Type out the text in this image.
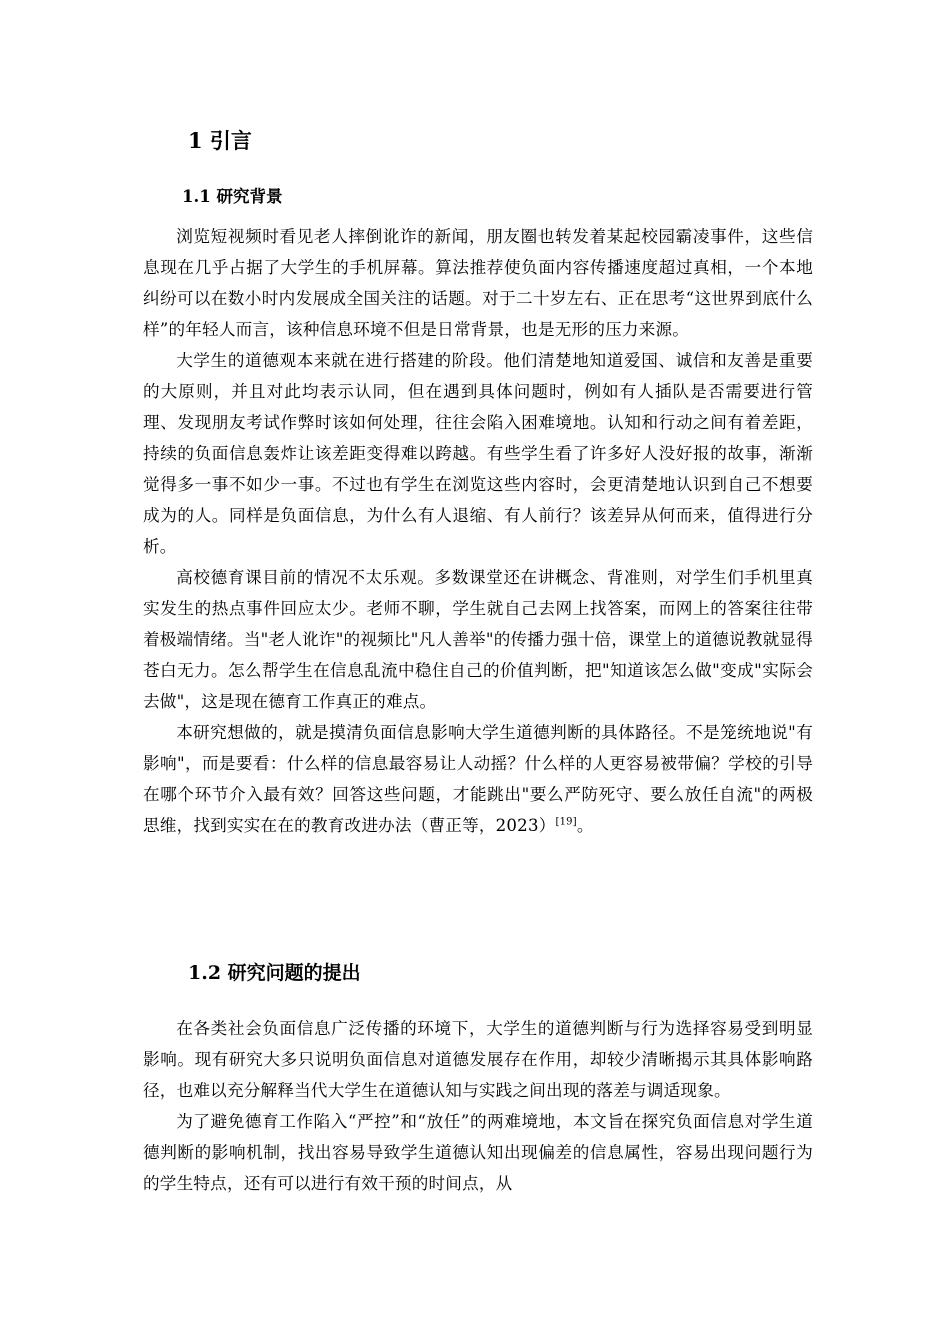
1 引言
1.1 研究背景

浏览短视频时看见老人摔倒讹诈的新闻，朋友圈也转发着某起校园霸凌事件，这些信息现在几乎占据了大学生的手机屏幕。算法推荐使负面内容传播速度超过真相，一个本地纠纷可以在数小时内发展成全国关注的话题。对于二十岁左右、正在思考“这世界到底什么样”的年轻人而言，该种信息环境不但是日常背景，也是无形的压力来源。

大学生的道德观本来就在进行搭建的阶段。他们清楚地知道爱国、诚信和友善是重要的大原则，并且对此均表示认同，但在遇到具体问题时，例如有人插队是否需要进行管理、发现朋友考试作弊时该如何处理，往往会陷入困难境地。认知和行动之间有着差距，持续的负面信息轰炸让该差距变得难以跨越。有些学生看了许多好人没好报的故事，渐渐觉得多一事不如少一事。不过也有学生在浏览这些内容时，会更清楚地认识到自己不想要成为的人。同样是负面信息，为什么有人退缩、有人前行？该差异从何而来，值得进行分析。

高校德育课目前的情况不太乐观。多数课堂还在讲概念、背准则，对学生们手机里真实发生的热点事件回应太少。老师不聊，学生就自己去网上找答案，而网上的答案往往带着极端情绪。当"老人讹诈"的视频比"凡人善举"的传播力强十倍，课堂上的道德说教就显得苍白无力。怎么帮学生在信息乱流中稳住自己的价值判断，把"知道该怎么做"变成"实际会去做"，这是现在德育工作真正的难点。

本研究想做的，就是摸清负面信息影响大学生道德判断的具体路径。不是笼统地说"有影响"，而是要看：什么样的信息最容易让人动摇？什么样的人更容易被带偏？学校的引导在哪个环节介入最有效？回答这些问题，才能跳出"要么严防死守、要么放任自流"的两极思维，找到实实在在的教育改进办法（曹正等，2023）[19]。

1.2 研究问题的提出

在各类社会负面信息广泛传播的环境下，大学生的道德判断与行为选择容易受到明显影响。现有研究大多只说明负面信息对道德发展存在作用，却较少清晰揭示其具体影响路径，也难以充分解释当代大学生在道德认知与实践之间出现的落差与调适现象。

为了避免德育工作陷入“严控”和“放任”的两难境地，本文旨在探究负面信息对学生道德判断的影响机制，找出容易导致学生道德认知出现偏差的信息属性，容易出现问题行为的学生特点，还有可以进行有效干预的时间点，从
